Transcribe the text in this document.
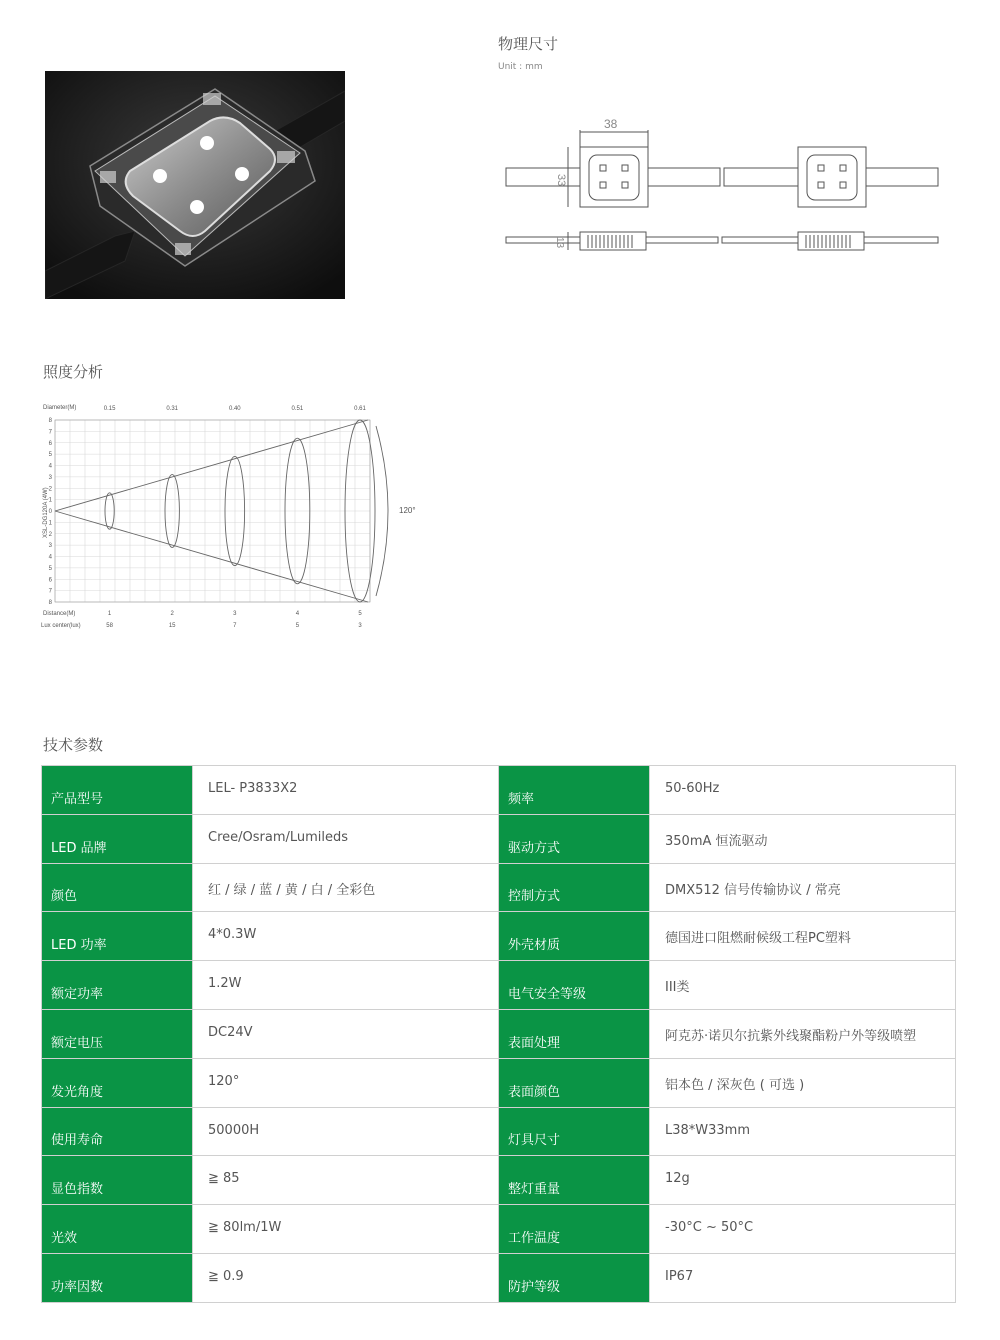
物理尺寸
Unit : mm
38
33
13
照度分析
8
7
6
5
4
3
2
1
0
1
2
3
4
5
6
7
8
0.15
1
58
0.31
2
15
0.40
3
7
0.51
4
5
0.61
5
3
Diameter(M)
Distance(M)
Lux center(lux)
XSL-DG120A (4W)	120°
技术参数
产品型号	LEL- P3833X2	频率	50-60Hz
LED 品牌	Cree/Osram/Lumileds	驱动方式	350mA 恒流驱动
颜色	红 / 绿 / 蓝 / 黄 / 白 / 全彩色	控制方式	DMX512 信号传输协议 / 常亮
LED 功率	4*0.3W	外壳材质	德国进口阻燃耐候级工程PC塑料
额定功率	1.2W	电气安全等级	III类
额定电压	DC24V	表面处理	阿克苏·诺贝尔抗紫外线聚酯粉户外等级喷塑
发光角度	120°	表面颜色	铝本色 / 深灰色 ( 可选 )
使用寿命	50000H	灯具尺寸	L38*W33mm
显色指数	≧ 85	整灯重量	12g
光效	≧ 80lm/1W	工作温度	-30°C ~ 50°C
功率因数	≧ 0.9	防护等级	IP67
